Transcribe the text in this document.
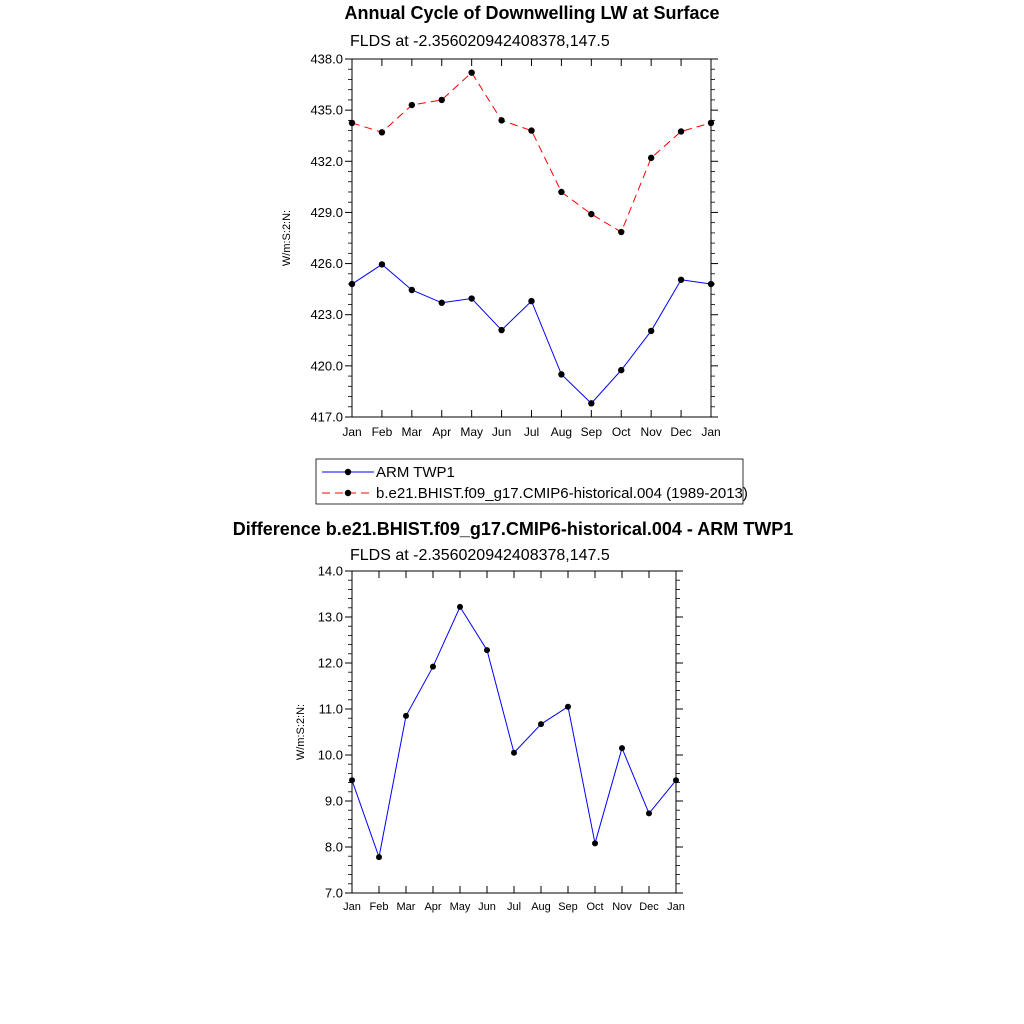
Annual Cycle of Downwelling LW at Surface
FLDS at -2.356020942408378,147.5
W/m:S:2:N:
Jan Feb Mar Apr May Jun Jul Aug Sep Oct Nov Dec Jan
417.0
420.0
423.0
426.0
429.0
432.0
435.0
438.0
ARM TWP1
b.e21.BHIST.f09_g17.CMIP6-historical.004 (1989-2013)
Difference b.e21.BHIST.f09_g17.CMIP6-historical.004 - ARM TWP1
FLDS at -2.356020942408378,147.5
W/m:S:2:N:
Jan Feb Mar Apr May Jun Jul Aug Sep Oct Nov Dec Jan
7.0
8.0
9.0
10.0
11.0
12.0
13.0
14.0
